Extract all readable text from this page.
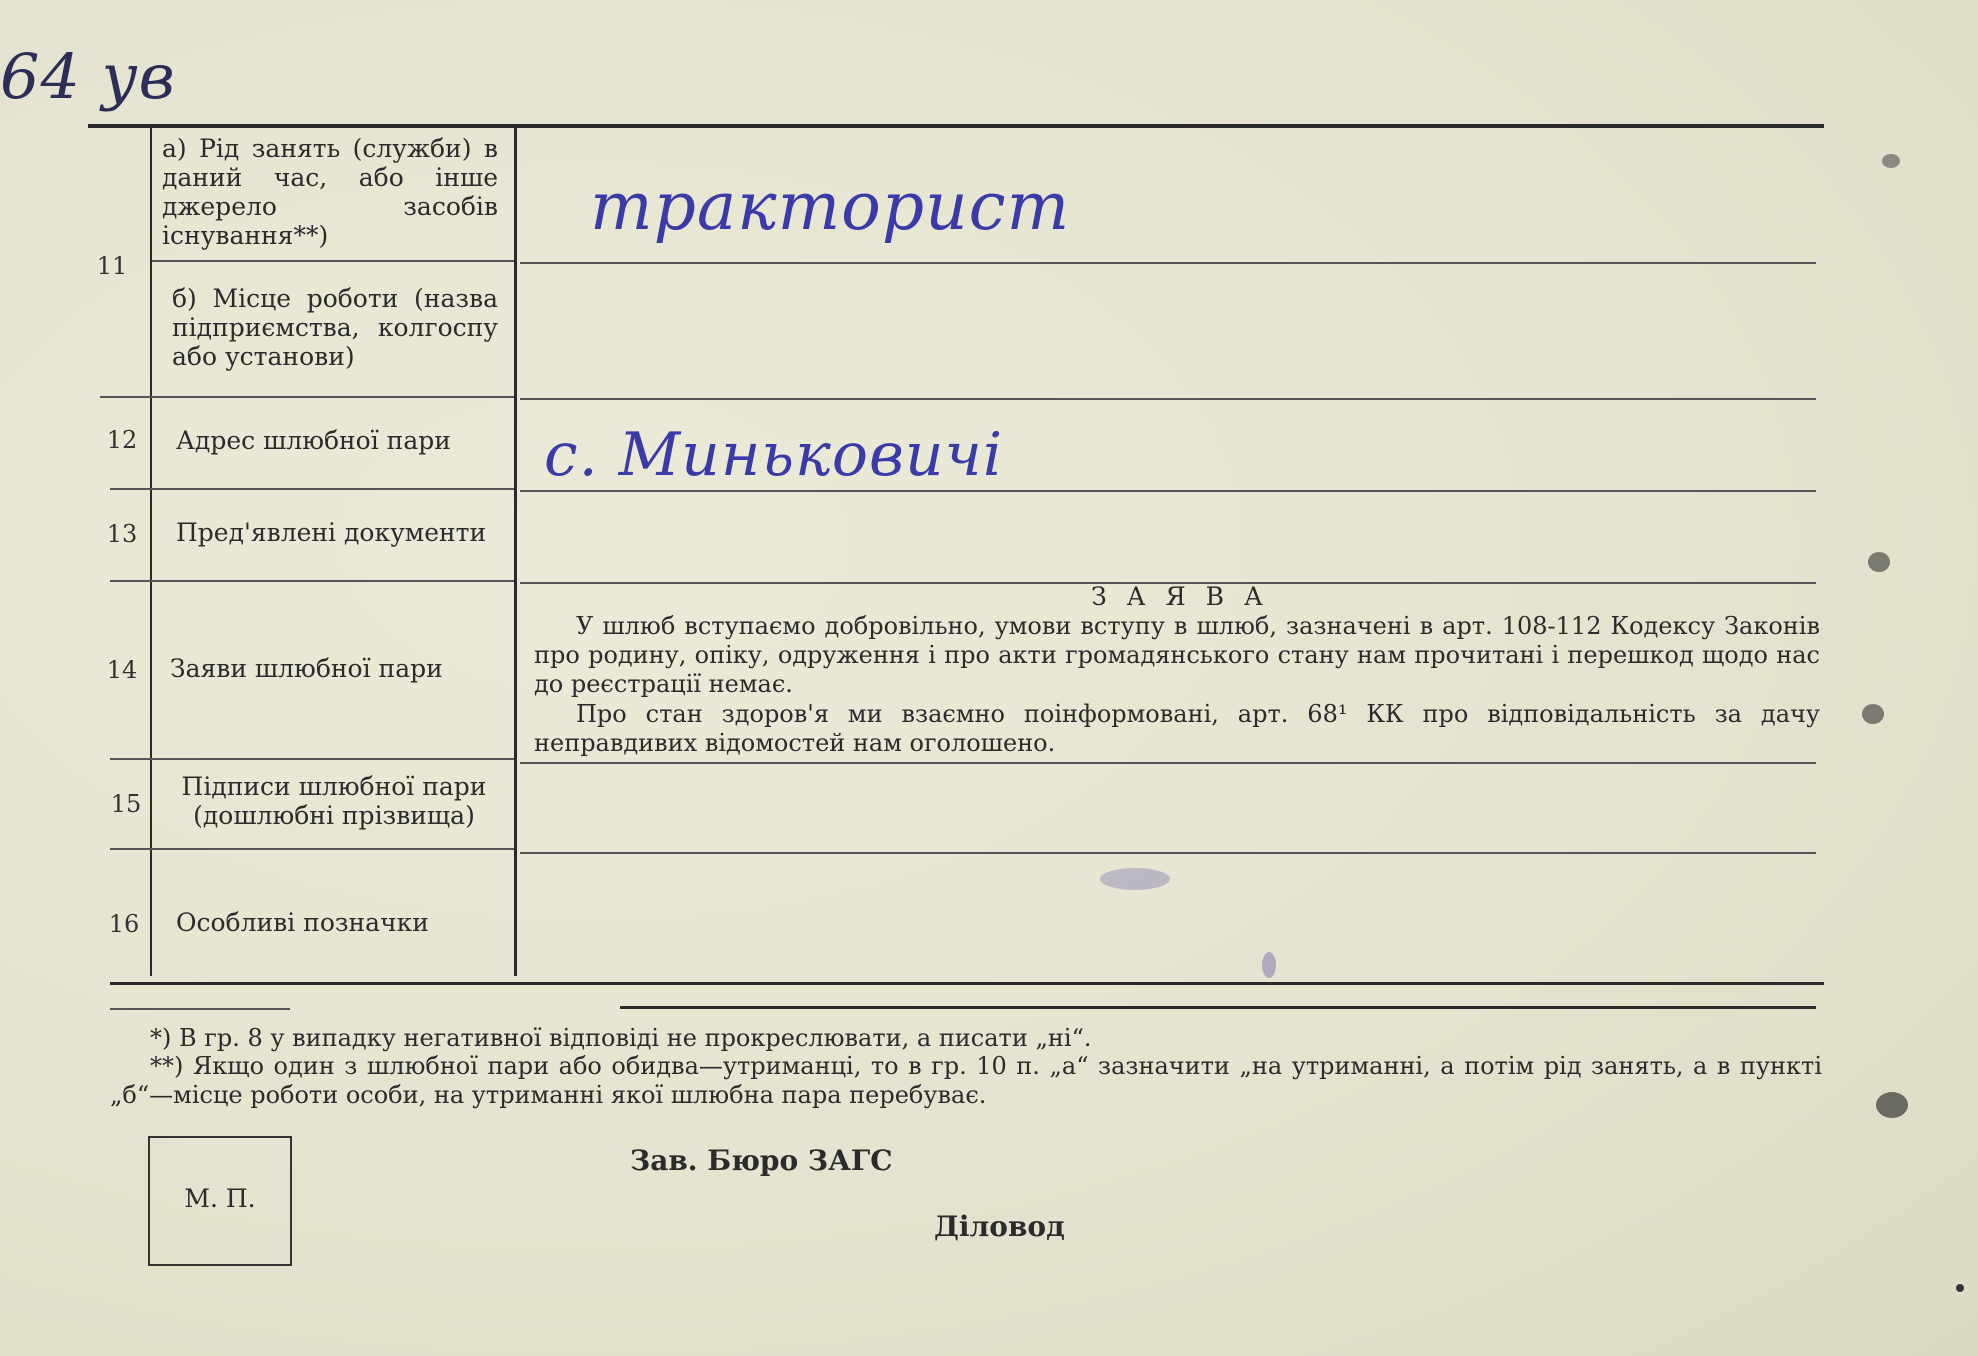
64 ув
11
а) Рід занять (служби) в даний час, або інше джерело засобів існування**)	тракторист
б) Місце роботи (назва підприємства, колгоспу або установи)
12 Адрес шлюбної пари	с. Миньковичі
13 Пред'явлені документи
14 Заяви шлюбної пари
З А Я В А
У шлюб вступаємо добровільно, умови вступу в шлюб, зазначені в арт. 108-112 Кодексу Законів про родину, опіку, одруження і про акти громадянського стану нам прочитані і перешкод щодо нас до реєстрації немає.
Про стан здоров'я ми взаємно поінформовані, арт. 68¹ КК про відповідальність за дачу неправдивих відомостей нам оголошено.
15
Підписи шлюбної пари (дошлюбні прізвища)
16 Особливі позначки
*) В гр. 8 у випадку негативної відповіді не прокреслювати, а писати „ні“.
**) Якщо один з шлюбної пари або обидва—утриманці, то в гр. 10 п. „а“ зазначити „на утриманні, а потім рід занять, а в пункті „б“—місце роботи особи, на утриманні якої шлюбна пара перебуває.
М. П.
Зав. Бюро ЗАГС
Діловод
